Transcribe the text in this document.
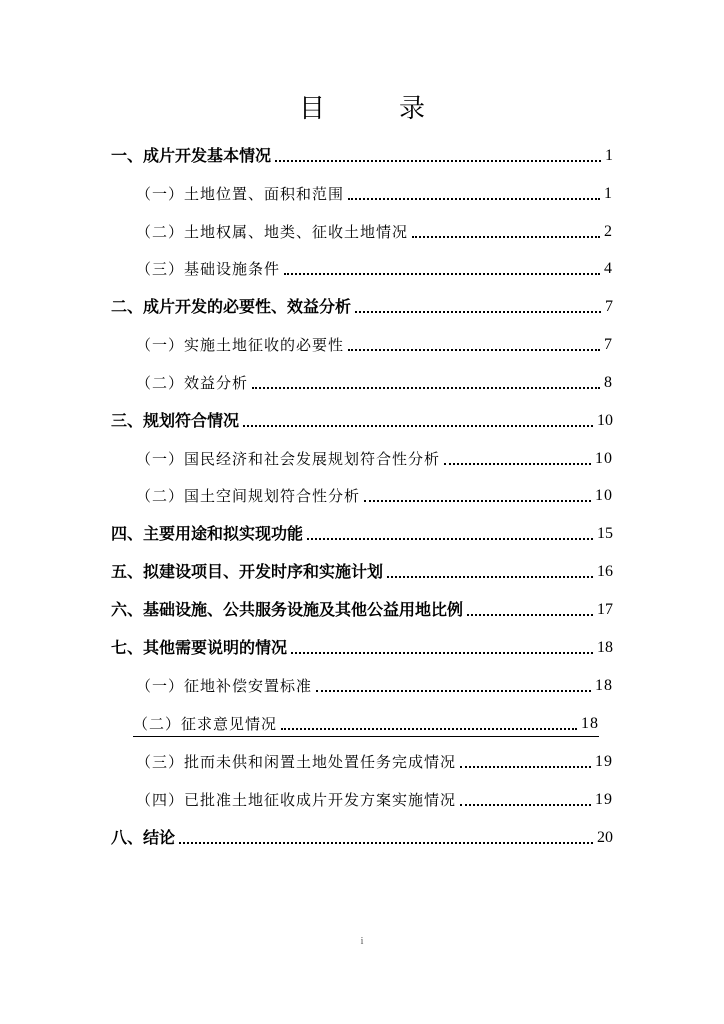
目　录
一、成片开发基本情况	1
（一）土地位置、面积和范围	1
（二）土地权属、地类、征收土地情况	2
（三）基础设施条件	4
二、成片开发的必要性、效益分析	7
（一）实施土地征收的必要性	7
（二）效益分析	8
三、规划符合情况	10
（一）国民经济和社会发展规划符合性分析	10
（二）国土空间规划符合性分析	10
四、主要用途和拟实现功能	15
五、拟建设项目、开发时序和实施计划	16
六、基础设施、公共服务设施及其他公益用地比例	17
七、其他需要说明的情况	18
（一）征地补偿安置标准	18
（二）征求意见情况	18
（三）批而未供和闲置土地处置任务完成情况	19
（四）已批准土地征收成片开发方案实施情况	19
八、结论	20
i
